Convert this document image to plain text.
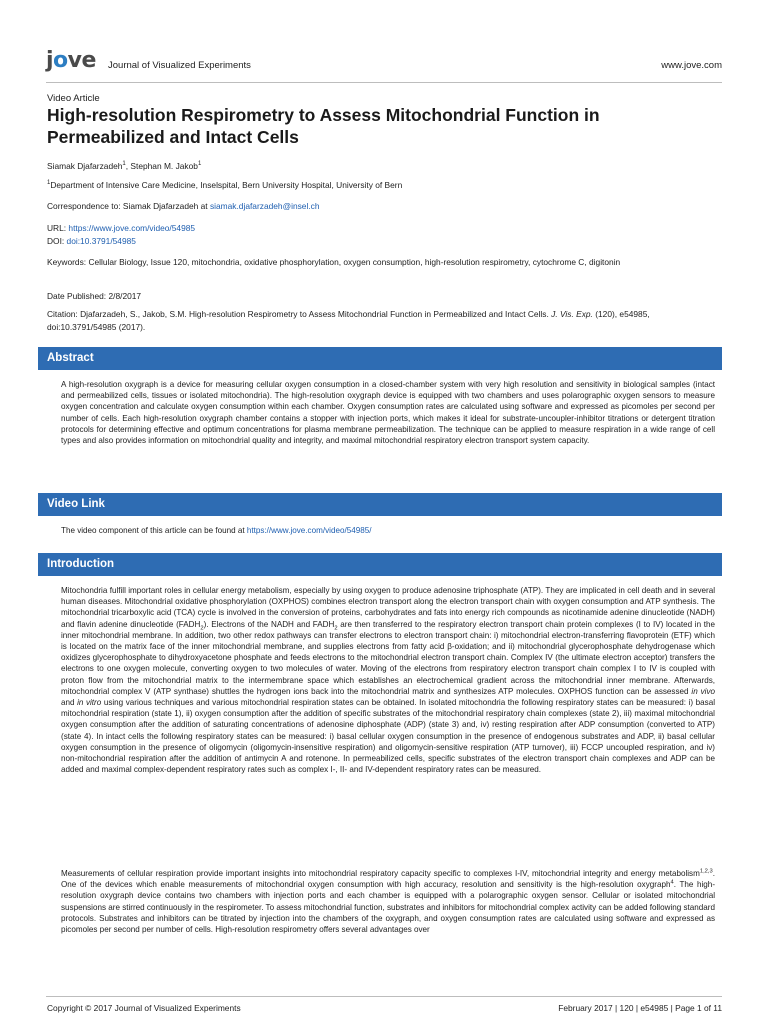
jove Journal of Visualized Experiments	www.jove.com
Video Article
High-resolution Respirometry to Assess Mitochondrial Function in Permeabilized and Intact Cells
Siamak Djafarzadeh$^1$, Stephan M. Jakob$^1$
$^1$Department of Intensive Care Medicine, Inselspital, Bern University Hospital, University of Bern
Correspondence to: Siamak Djafarzadeh at siamak.djafarzadeh@insel.ch
URL: https://www.jove.com/video/54985
DOI: doi:10.3791/54985
Keywords: Cellular Biology, Issue 120, mitochondria, oxidative phosphorylation, oxygen consumption, high-resolution respirometry, cytochrome C, digitonin
Date Published: 2/8/2017
Citation: Djafarzadeh, S., Jakob, S.M. High-resolution Respirometry to Assess Mitochondrial Function in Permeabilized and Intact Cells. J. Vis. Exp. (120), e54985, doi:10.3791/54985 (2017).
Abstract

A high-resolution oxygraph is a device for measuring cellular oxygen consumption in a closed-chamber system with very high resolution and sensitivity in biological samples (intact and permeabilized cells, tissues or isolated mitochondria). The high-resolution oxygraph device is equipped with two chambers and uses polarographic oxygen sensors to measure oxygen concentration and calculate oxygen consumption within each chamber. Oxygen consumption rates are calculated using software and expressed as picomoles per second per number of cells. Each high-resolution oxygraph chamber contains a stopper with injection ports, which makes it ideal for substrate-uncoupler-inhibitor titrations or detergent titration protocols for determining effective and optimum concentrations for plasma membrane permeabilization. The technique can be applied to measure respiration in a wide range of cell types and also provides information on mitochondrial quality and integrity, and maximal mitochondrial respiratory electron transport system capacity.

Video Link

The video component of this article can be found at https://www.jove.com/video/54985/

Introduction

Mitochondria fulfill important roles in cellular energy metabolism, especially by using oxygen to produce adenosine triphosphate (ATP). They are implicated in cell death and in several human diseases. Mitochondrial oxidative phosphorylation (OXPHOS) combines electron transport along the electron transport chain with oxygen consumption and ATP synthesis. The mitochondrial tricarboxylic acid (TCA) cycle is involved in the conversion of proteins, carbohydrates and fats into energy rich compounds as nicotinamide adenine dinucleotide (NADH) and flavin adenine dinucleotide $(FADH_2)$. Electrons of the NADH and $FADH_2$ are then transferred to the respiratory electron transport chain protein complexes (I to IV) located in the inner mitochondrial membrane. In addition, two other redox pathways can transfer electrons to electron transport chain: i) mitochondrial electron-transferring flavoprotein (ETF) which is located on the matrix face of the inner mitochondrial membrane, and supplies electrons from fatty acid β-oxidation; and ii) mitochondrial glycerophosphate dehydrogenase which oxidizes glycerophosphate to dihydroxyacetone phosphate and feeds electrons to the mitochondrial electron transport chain. Complex IV (the ultimate electron acceptor) transfers the electrons to one oxygen molecule, converting oxygen to two molecules of water. Moving of the electrons from respiratory electron transport chain complex I to IV is coupled with proton flow from the mitochondrial matrix to the intermembrane space which establishes an electrochemical gradient across the mitochondrial inner membrane. Afterwards, mitochondrial complex V (ATP synthase) shuttles the hydrogen ions back into the mitochondrial matrix and synthesizes ATP molecules. OXPHOS function can be assessed in vivo and in vitro using various techniques and various mitochondrial respiration states can be obtained. In isolated mitochondria the following respiratory states can be measured: i) basal mitochondrial respiration (state 1), ii) oxygen consumption after the addition of specific substrates of the mitochondrial respiratory chain complexes (state 2), iii) maximal mitochondrial oxygen consumption after the addition of saturating concentrations of adenosine diphosphate (ADP) (state 3) and, iv) resting respiration after ADP consumption (converted to ATP) (state 4). In intact cells the following respiratory states can be measured: i) basal cellular oxygen consumption in the presence of endogenous substrates and ADP, ii) basal cellular oxygen consumption in the presence of oligomycin (oligomycin-insensitive respiration) and oligomycin-sensitive respiration (ATP turnover), iii) FCCP uncoupled respiration, and iv) non-mitochondrial respiration after the addition of antimycin A and rotenone. In permeabilized cells, specific substrates of the electron transport chain complexes and ADP can be added and maximal complex-dependent respiratory rates such as complex I-, II- and IV-dependent respiratory rates can be measured.

Measurements of cellular respiration provide important insights into mitochondrial respiratory capacity specific to complexes I-IV, mitochondrial integrity and energy metabolism$^{1,2,3}$. One of the devices which enable measurements of mitochondrial oxygen consumption with high accuracy, resolution and sensitivity is the high-resolution oxygraph$^4$. The high-resolution oxygraph device contains two chambers with injection ports and each chamber is equipped with a polarographic oxygen sensor. Cellular or isolated mitochondrial suspensions are stirred continuously in the respirometer. To assess mitochondrial function, substrates and inhibitors for mitochondrial complex activity can be added following standard protocols. Substrates and inhibitors can be titrated by injection into the chambers of the oxygraph, and oxygen consumption rates are calculated using software and expressed as picomoles per second per number of cells. High-resolution respirometry offers several advantages over

Copyright © 2017 Journal of Visualized Experiments	February 2017 | 120 | e54985 | Page 1 of 11
